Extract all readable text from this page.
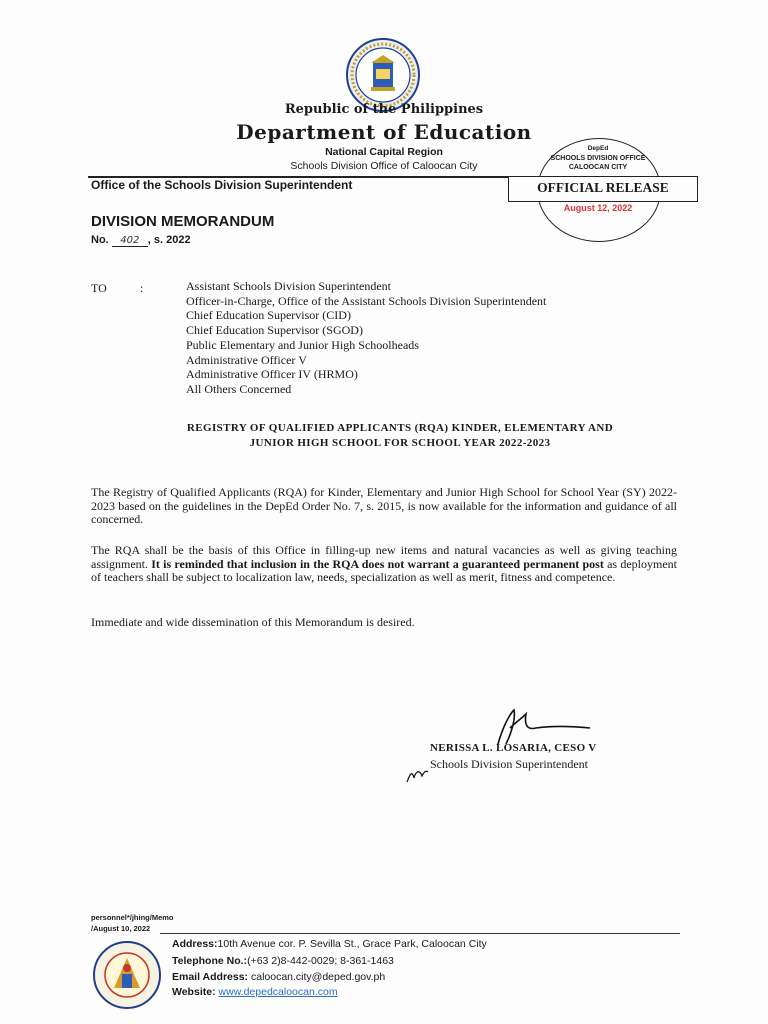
Republic of the Philippines
Department of Education
National Capital Region
Schools Division Office of Caloocan City
DepEd
SCHOOLS DIVISION OFFICE
CALOOCAN CITY
Office of the Schools Division Superintendent	OFFICIAL RELEASE
August 12, 2022
DIVISION MEMORANDUM
No. 402 , s. 2022
TO	:	Assistant Schools Division Superintendent
Officer-in-Charge, Office of the Assistant Schools Division Superintendent
Chief Education Supervisor (CID)
Chief Education Supervisor (SGOD)
Public Elementary and Junior High Schoolheads
Administrative Officer V
Administrative Officer IV (HRMO)
All Others Concerned
REGISTRY OF QUALIFIED APPLICANTS (RQA) KINDER, ELEMENTARY AND
JUNIOR HIGH SCHOOL FOR SCHOOL YEAR 2022-2023
The Registry of Qualified Applicants (RQA) for Kinder, Elementary and Junior High School for School Year (SY) 2022-2023 based on the guidelines in the DepEd Order No. 7, s. 2015, is now available for the information and guidance of all concerned.
The RQA shall be the basis of this Office in filling-up new items and natural vacancies as well as giving teaching assignment. It is reminded that inclusion in the RQA does not warrant a guaranteed permanent post as deployment of teachers shall be subject to localization law, needs, specialization as well as merit, fitness and competence.
Immediate and wide dissemination of this Memorandum is desired.
NERISSA L. LOSARIA, CESO V
Schools Division Superintendent
personnel*/jhing/Memo
/August 10, 2022
Address:10th Avenue cor. P. Sevilla St., Grace Park, Caloocan City
Telephone No.:(+63 2)8-442-0029; 8-361-1463
Email Address: caloocan.city@deped.gov.ph
Website: www.depedcaloocan.com
